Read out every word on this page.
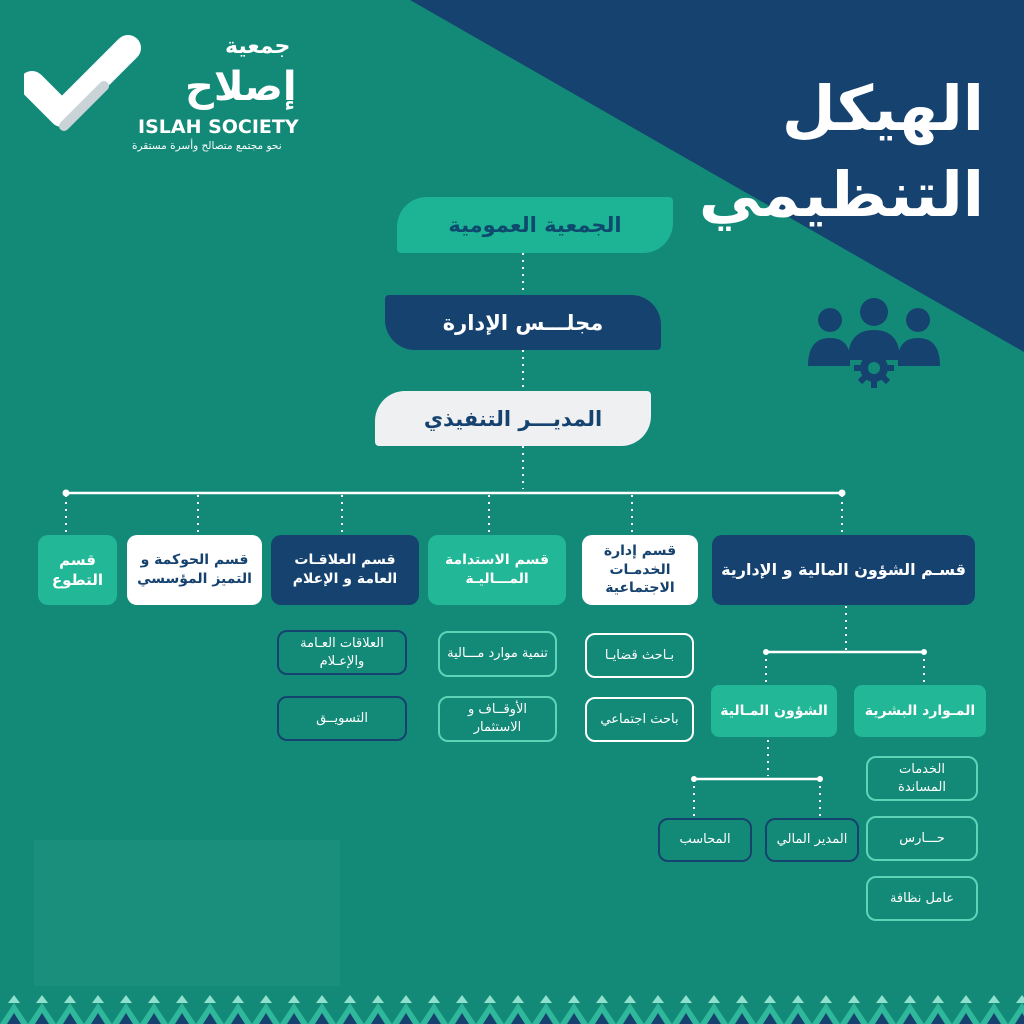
الهيكل
التنظيمي
جمعية
إصلاح
ISLAH SOCIETY
نحو مجتمع متصالح وأسرة مستقرة
الجمعية العمومية
مجلـــس الإدارة
المديـــر التنفيذي
قسـم الشؤون المالية و الإدارية
قسم إدارة الخدمـات الاجتماعية
قسم الاستدامة المـــاليـة
قسم العلاقـات العامة و الإعلام
قسم الحوكمة و التميز المؤسسي
قسم التطوع
بـاحث قضايـا
باحث اجتماعي
تنمية موارد مـــالية
الأوقــاف و الاستثمار
العلاقات العـامة والإعـلام
التسويــق	المـوارد البشرية
الشؤون المـالية
الخدمات المساندة
حـــارس
عامل نظافة
المدير المالي
المحاسب
